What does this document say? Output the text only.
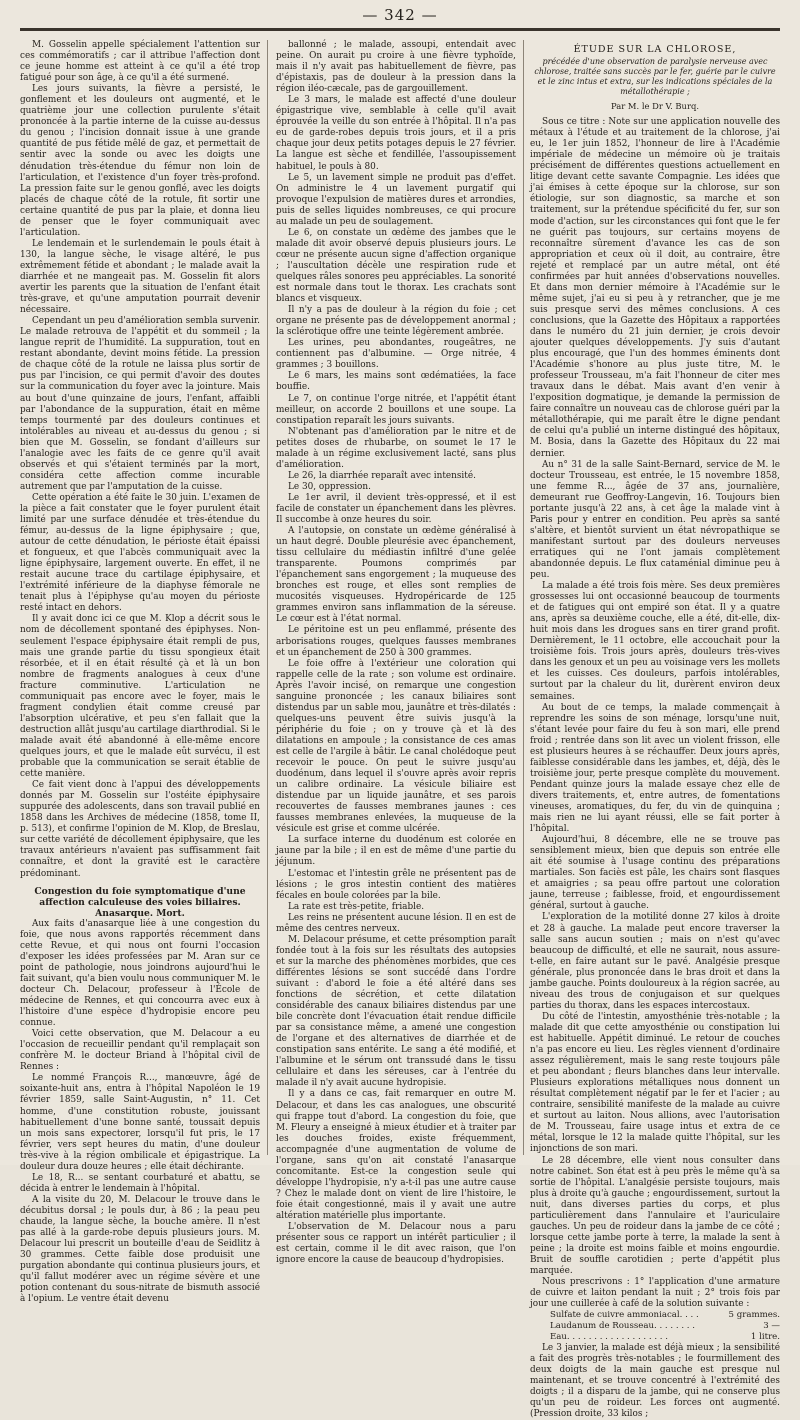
— 342 —

M. Gosselin appelle spécialement l'attention sur ces commémoratifs ; car il attribue l'affection dont ce jeune homme est atteint à ce qu'il a été trop fatigué pour son âge, à ce qu'il a été surmené.

Les jours suivants, la fièvre a persisté, le gonflement et les douleurs ont augmenté, et le quatrième jour une collection purulente s'était prononcée à la partie interne de la cuisse au-dessus du genou ; l'incision donnait issue à une grande quantité de pus fétide mêlé de gaz, et permettait de sentir avec la sonde ou avec les doigts une dénudation très-étendue du fémur non loin de l'articulation, et l'existence d'un foyer très-profond. La pression faite sur le genou gonflé, avec les doigts placés de chaque côté de la rotule, fit sortir une certaine quantité de pus par la plaie, et donna lieu de penser que le foyer communiquait avec l'articulation.

Le lendemain et le surlendemain le pouls était à 130, la langue sèche, le visage altéré, le pus extrêmement fétide et abondant ; le malade avait la diarrhée et ne mangeait pas. M. Gosselin fit alors avertir les parents que la situation de l'enfant était très-grave, et qu'une amputation pourrait devenir nécessaire.

Cependant un peu d'amélioration sembla survenir. Le malade retrouva de l'appétit et du sommeil ; la langue reprit de l'humidité. La suppuration, tout en restant abondante, devint moins fétide. La pression de chaque côté de la rotule ne laissa plus sortir de pus par l'incision, ce qui permit d'avoir des doutes sur la communication du foyer avec la jointure. Mais au bout d'une quinzaine de jours, l'enfant, affaibli par l'abondance de la suppuration, était en même temps tourmenté par des douleurs continues et intolérables au niveau et au-dessus du genou ; si bien que M. Gosselin, se fondant d'ailleurs sur l'analogie avec les faits de ce genre qu'il avait observés et qui s'étaient terminés par la mort, considéra cette affection comme incurable autrement que par l'amputation de la cuisse.

Cette opération a été faite le 30 juin. L'examen de la pièce a fait constater que le foyer purulent était limité par une surface dénudée et très-étendue du fémur, au-dessus de la ligne épiphysaire ; que, autour de cette dénudation, le périoste était épaissi et fongueux, et que l'abcès communiquait avec la ligne épiphysaire, largement ouverte. En effet, il ne restait aucune trace du cartilage épiphysaire, et l'extrémité inférieure de la diaphyse fémorale ne tenait plus à l'épiphyse qu'au moyen du périoste resté intact en dehors.

Il y avait donc ici ce que M. Klop a décrit sous le nom de décollement spontané des épiphyses. Non-seulement l'espace épiphysaire était rempli de pus, mais une grande partie du tissu spongieux était résorbée, et il en était résulté çà et là un bon nombre de fragments analogues à ceux d'une fracture comminutive. L'articulation ne communiquait pas encore avec le foyer, mais le fragment condylien était comme creusé par l'absorption ulcérative, et peu s'en fallait que la destruction allât jusqu'au cartilage diarthrodial. Si le malade avait été abandonné à elle-même encore quelques jours, et que le malade eût survécu, il est probable que la communication se serait établie de cette manière.

Ce fait vient donc à l'appui des développements donnés par M. Gosselin sur l'ostéite épiphysaire suppurée des adolescents, dans son travail publié en 1858 dans les Archives de médecine (1858, tome II, p. 513), et confirme l'opinion de M. Klop, de Breslau, sur cette variété de décollement épiphysaire, que les travaux antérieurs n'avaient pas suffisamment fait connaître, et dont la gravité est le caractère prédominant.

Congestion du foie symptomatique d'une affection calculeuse des voies biliaires. Anasarque. Mort.

Aux faits d'anasarque liée à une congestion du foie, que nous avons rapportés récemment dans cette Revue, et qui nous ont fourni l'occasion d'exposer les idées professées par M. Aran sur ce point de pathologie, nous joindrons aujourd'hui le fait suivant, qu'a bien voulu nous communiquer M. le docteur Ch. Delacour, professeur à l'École de médecine de Rennes, et qui concourra avec eux à l'histoire d'une espèce d'hydropisie encore peu connue.

Voici cette observation, que M. Delacour a eu l'occasion de recueillir pendant qu'il remplaçait son confrère M. le docteur Briand à l'hôpital civil de Rennes :

Le nommé François R..., manœuvre, âgé de soixante-huit ans, entra à l'hôpital Napoléon le 19 février 1859, salle Saint-Augustin, n° 11. Cet homme, d'une constitution robuste, jouissant habituellement d'une bonne santé, toussait depuis un mois sans expectorer, lorsqu'il fut pris, le 17 février, vers sept heures du matin, d'une douleur très-vive à la région ombilicale et épigastrique. La douleur dura douze heures ; elle était déchirante.

Le 18, R... se sentant courbaturé et abattu, se décida à entrer le lendemain à l'hôpital.

A la visite du 20, M. Delacour le trouve dans le décubitus dorsal ; le pouls dur, à 86 ; la peau peu chaude, la langue sèche, la bouche amère. Il n'est pas allé à la garde-robe depuis plusieurs jours. M. Delacour lui prescrit un bouteille d'eau de Seidlitz à 30 grammes. Cette faible dose produisit une purgation abondante qui continua plusieurs jours, et qu'il fallut modérer avec un régime sévère et une potion contenant du sous-nitrate de bismuth associé à l'opium. Le ventre était devenu

ballonné ; le malade, assoupi, entendait avec peine. On aurait pu croire à une fièvre typhoïde, mais il n'y avait pas habituellement de fièvre, pas d'épistaxis, pas de douleur à la pression dans la région iléo-cæcale, pas de gargouillement.

Le 3 mars, le malade est affecté d'une douleur épigastrique vive, semblable à celle qu'il avait éprouvée la veille du son entrée à l'hôpital. Il n'a pas eu de garde-robes depuis trois jours, et il a pris chaque jour deux petits potages depuis le 27 février. La langue est sèche et fendillée, l'assoupissement habituel, le pouls à 80.

Le 5, un lavement simple ne produit pas d'effet. On administre le 4 un lavement purgatif qui provoque l'expulsion de matières dures et arrondies, puis de selles liquides nombreuses, ce qui procure au malade un peu de soulagement.

Le 6, on constate un œdème des jambes que le malade dit avoir observé depuis plusieurs jours. Le cœur ne présente aucun signe d'affection organique ; l'auscultation décèle une respiration rude et quelques râles sonores peu appréciables. La sonorité est normale dans tout le thorax. Les crachats sont blancs et visqueux.

Il n'y a pas de douleur à la région du foie ; cet organe ne présente pas de développement anormal ; la sclérotique offre une teinte légèrement ambrée.

Les urines, peu abondantes, rougeâtres, ne contiennent pas d'albumine. — Orge nitrée, 4 grammes ; 3 bouillons.

Le 6 mars, les mains sont œdématiées, la face bouffie.

Le 7, on continue l'orge nitrée, et l'appétit étant meilleur, on accorde 2 bouillons et une soupe. La constipation reparaît les jours suivants.

N'obtenant pas d'amélioration par le nitre et de petites doses de rhubarbe, on soumet le 17 le malade à un régime exclusivement lacté, sans plus d'amélioration.

Le 26, la diarrhée reparaît avec intensité.

Le 30, oppression.

Le 1er avril, il devient très-oppressé, et il est facile de constater un épanchement dans les plèvres. Il succombe à onze heures du soir.

A l'autopsie, on constate un œdème généralisé à un haut degré. Double pleurésie avec épanchement, tissu cellulaire du médiastin infiltré d'une gelée transparente. Poumons comprimés par l'épanchement sans engorgement ; la muqueuse des bronches est rouge, et elles sont remplies de mucosités visqueuses. Hydropéricarde de 125 grammes environ sans inflammation de la séreuse. Le cœur est à l'état normal.

Le péritoine est un peu enflammé, présente des arborisations rouges, quelques fausses membranes et un épanchement de 250 à 300 grammes.

Le foie offre à l'extérieur une coloration qui rappelle celle de la rate ; son volume est ordinaire. Après l'avoir incisé, on remarque une congestion sanguine prononcée ; les canaux biliaires sont distendus par un sable mou, jaunâtre et très-dilatés : quelques-uns peuvent être suivis jusqu'à la périphérie du foie ; on y trouve çà et là des dilatations en ampoule ; la consistance de ces amas est celle de l'argile à bâtir. Le canal cholédoque peut recevoir le pouce. On peut le suivre jusqu'au duodénum, dans lequel il s'ouvre après avoir repris un calibre ordinaire. La vésicule biliaire est distendue par un liquide jaunâtre, et ses parois recouvertes de fausses membranes jaunes : ces fausses membranes enlevées, la muqueuse de la vésicule est grise et comme ulcérée.

La surface interne du duodénum est colorée en jaune par la bile ; il en est de même d'une partie du jéjunum.

L'estomac et l'intestin grêle ne présentent pas de lésions ; le gros intestin contient des matières fécales en boule colorées par la bile.

La rate est très-petite, friable.

Les reins ne présentent aucune lésion. Il en est de même des centres nerveux.

M. Delacour présume, et cette présomption paraît fondée tout à la fois sur les résultats des autopsies et sur la marche des phénomènes morbides, que ces différentes lésions se sont succédé dans l'ordre suivant : d'abord le foie a été altéré dans ses fonctions de sécrétion, et cette dilatation considérable des canaux biliaires distendus par une bile concrète dont l'évacuation était rendue difficile par sa consistance même, a amené une congestion de l'organe et des alternatives de diarrhée et de constipation sans entérite. Le sang a été modifié, et l'albumine et le sérum ont transsudé dans le tissu cellulaire et dans les séreuses, car à l'entrée du malade il n'y avait aucune hydropisie.

Il y a dans ce cas, fait remarquer en outre M. Delacour, et dans les cas analogues, une obscurité qui frappe tout d'abord. La congestion du foie, que M. Fleury a enseigné à mieux étudier et à traiter par les douches froides, existe fréquemment, accompagnée d'une augmentation de volume de l'organe, sans qu'on ait constaté l'anasarque concomitante. Est-ce la congestion seule qui développe l'hydropisie, n'y a-t-il pas une autre cause ? Chez le malade dont on vient de lire l'histoire, le foie était congestionné, mais il y avait une autre altération matérielle plus importante.

L'observation de M. Delacour nous a paru présenter sous ce rapport un intérêt particulier ; il est certain, comme il le dit avec raison, que l'on ignore encore la cause de beaucoup d'hydropisies.

ÉTUDE SUR LA CHLOROSE,
précédée d'une observation de paralysie nerveuse avec chlorose, traitée sans succès par le fer, guérie par le cuivre et le zinc intus et extra, sur les indications spéciales de la métallothérapie ;
Par M. le Dr V. Burq.

Sous ce titre : Note sur une application nouvelle des métaux à l'étude et au traitement de la chlorose, j'ai eu, le 1er juin 1852, l'honneur de lire à l'Académie impériale de médecine un mémoire où je traitais précisément de différentes questions actuellement en litige devant cette savante Compagnie. Les idées que j'ai émises à cette époque sur la chlorose, sur son étiologie, sur son diagnostic, sa marche et son traitement, sur la prétendue spécificité du fer, sur son mode d'action, sur les circonstances qui font que le fer ne guérit pas toujours, sur certains moyens de reconnaître sûrement d'avance les cas de son appropriation et ceux où il doit, au contraire, être rejeté et remplacé par un autre métal, ont été confirmées par huit années d'observations nouvelles. Et dans mon dernier mémoire à l'Académie sur le même sujet, j'ai eu si peu à y retrancher, que je me suis presque servi des mêmes conclusions. A ces conclusions, que la Gazette des Hôpitaux a rapportées dans le numéro du 21 juin dernier, je crois devoir ajouter quelques développements. J'y suis d'autant plus encouragé, que l'un des hommes éminents dont l'Académie s'honore au plus juste titre, M. le professeur Trousseau, m'a fait l'honneur de citer mes travaux dans le débat. Mais avant d'en venir à l'exposition dogmatique, je demande la permission de faire connaître un nouveau cas de chlorose guéri par la métallothérapie, qui me paraît être le digne pendant de celui qu'a publié un interne distingué des hôpitaux, M. Bosia, dans la Gazette des Hôpitaux du 22 mai dernier.

Au n° 31 de la salle Saint-Bernard, service de M. le docteur Trousseau, est entrée, le 15 novembre 1858, une femme R..., âgée de 37 ans, journalière, demeurant rue Geoffroy-Langevin, 16. Toujours bien portante jusqu'à 22 ans, à cet âge la malade vint à Paris pour y entrer en condition. Peu après sa santé s'altère, et bientôt survient un état névropathique se manifestant surtout par des douleurs nerveuses erratiques qui ne l'ont jamais complètement abandonnée depuis. Le flux cataménial diminue peu à peu.

La malade a été trois fois mère. Ses deux premières grossesses lui ont occasionné beaucoup de tourments et de fatigues qui ont empiré son état. Il y a quatre ans, après sa deuxième couche, elle a été, dit-elle, dix-huit mois dans les drogues sans en tirer grand profit. Dernièrement, le 11 octobre, elle accouchait pour la troisième fois. Trois jours après, douleurs très-vives dans les genoux et un peu au voisinage vers les mollets et les cuisses. Ces douleurs, parfois intolérables, surtout par la chaleur du lit, durèrent environ deux semaines.

Au bout de ce temps, la malade commençait à reprendre les soins de son ménage, lorsqu'une nuit, s'étant levée pour faire du feu à son mari, elle prend froid ; rentrée dans son lit avec un violent frisson, elle est plusieurs heures à se réchauffer. Deux jours après, faiblesse considérable dans les jambes, et, déjà, dès le troisième jour, perte presque complète du mouvement. Pendant quinze jours la malade essaye chez elle de divers traitements, et, entre autres, de fomentations vineuses, aromatiques, du fer, du vin de quinquina ; mais rien ne lui ayant réussi, elle se fait porter à l'hôpital.

Aujourd'hui, 8 décembre, elle ne se trouve pas sensiblement mieux, bien que depuis son entrée elle ait été soumise à l'usage continu des préparations martiales. Son faciès est pâle, les chairs sont flasques et amaigries ; sa peau offre partout une coloration jaune, terreuse ; faiblesse, froid, et engourdissement général, surtout à gauche.

L'exploration de la motilité donne 27 kilos à droite et 28 à gauche. La malade peut encore traverser la salle sans aucun soutien ; mais on n'est qu'avec beaucoup de difficulté, et elle ne saurait, nous assure-t-elle, en faire autant sur le pavé. Analgésie presque générale, plus prononcée dans le bras droit et dans la jambe gauche. Points douloureux à la région sacrée, au niveau des trous de conjugaison et sur quelques parties du thorax, dans les espaces intercostaux.

Du côté de l'intestin, amyosthénie très-notable ; la malade dit que cette amyosthénie ou constipation lui est habituelle. Appétit diminué. Le retour de couches n'a pas encore eu lieu. Les règles viennent d'ordinaire assez régulièrement, mais le sang reste toujours pâle et peu abondant ; fleurs blanches dans leur intervalle. Plusieurs explorations métalliques nous donnent un résultat complètement négatif par le fer et l'acier ; au contraire, sensibilité manifeste de la malade au cuivre et surtout au laiton. Nous allions, avec l'autorisation de M. Trousseau, faire usage intus et extra de ce métal, lorsque le 12 la malade quitte l'hôpital, sur les injonctions de son mari.

Le 28 décembre, elle vient nous consulter dans notre cabinet. Son état est à peu près le même qu'à sa sortie de l'hôpital. L'analgésie persiste toujours, mais plus à droite qu'à gauche ; engourdissement, surtout la nuit, dans diverses parties du corps, et plus particulièrement dans l'annulaire et l'auriculaire gauches. Un peu de roideur dans la jambe de ce côté ; lorsque cette jambe porte à terre, la malade la sent à peine ; la droite est moins faible et moins engourdie. Bruit de souffle carotidien ; perte d'appétit plus marquée.

Nous prescrivons : 1° l'application d'une armature de cuivre et laiton pendant la nuit ; 2° trois fois par jour une cuillerée à café de la solution suivante :

Sulfate de cuivre ammoniacal. . . .	5 grammes.
Laudanum de Rousseau. . . . . . . .	3 —
Eau. . . . . . . . . . . . . . . . . . .	1 litre.

Le 3 janvier, la malade est déjà mieux ; la sensibilité a fait des progrès très-notables ; le fourmillement des deux doigts de la main gauche est presque nul maintenant, et se trouve concentré à l'extrémité des doigts ; il a disparu de la jambe, qui ne conserve plus qu'un peu de roideur. Les forces ont augmenté. (Pression droite, 33 kilos ;
